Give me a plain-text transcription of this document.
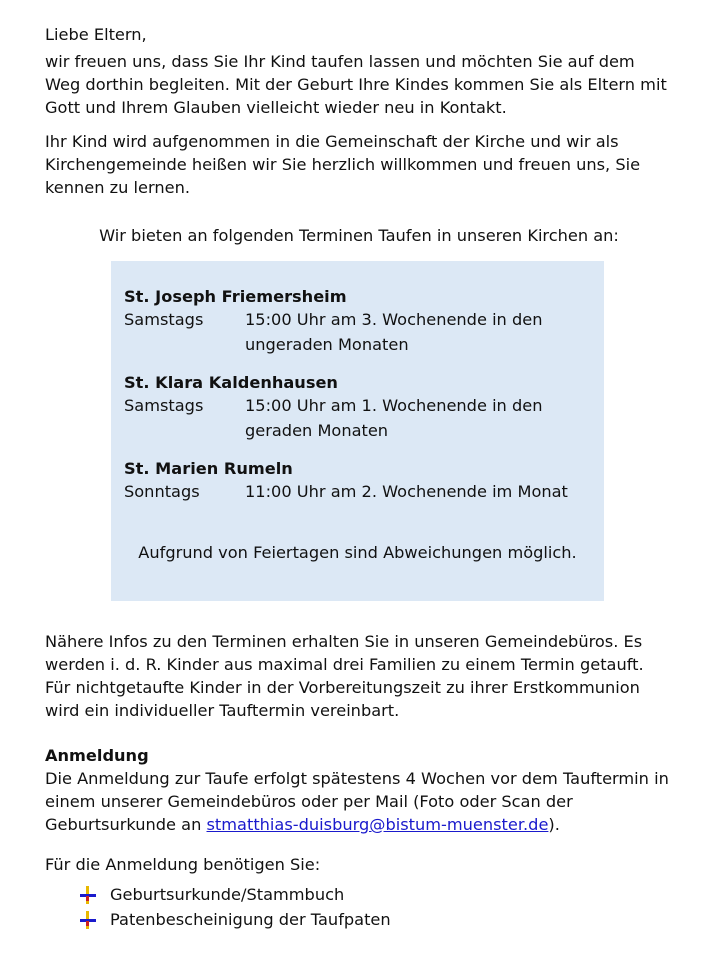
Liebe Eltern,

wir freuen uns, dass Sie Ihr Kind taufen lassen und möchten Sie auf dem Weg dorthin begleiten. Mit der Geburt Ihre Kindes kommen Sie als Eltern mit Gott und Ihrem Glauben vielleicht wieder neu in Kontakt.

Ihr Kind wird aufgenommen in die Gemeinschaft der Kirche und wir als Kirchengemeinde heißen wir Sie herzlich willkommen und freuen uns, Sie kennen zu lernen.

Wir bieten an folgenden Terminen Taufen in unseren Kirchen an:

Nähere Infos zu den Terminen erhalten Sie in unseren Gemeindebüros. Es werden i. d. R. Kinder aus maximal drei Familien zu einem Termin getauft. Für nichtgetaufte Kinder in der Vorbereitungszeit zu ihrer Erstkommunion wird ein individueller Tauftermin vereinbart.

Anmeldung

Die Anmeldung zur Taufe erfolgt spätestens 4 Wochen vor dem Tauftermin in einem unserer Gemeindebüros oder per Mail (Foto oder Scan der Geburtsurkunde an stmatthias-duisburg@bistum-muenster.de).

Für die Anmeldung benötigen Sie:

Geburtsurkunde/Stammbuch
Patenbescheinigung der Taufpaten
St. Joseph Friemersheim
Samstags	15:00 Uhr am 3. Wochenende in den ungeraden Monaten
St. Klara Kaldenhausen
Samstags	15:00 Uhr am 1. Wochenende in den geraden Monaten
St. Marien Rumeln
Sonntags	11:00 Uhr am 2. Wochenende im Monat

Aufgrund von Feiertagen sind Abweichungen möglich.
